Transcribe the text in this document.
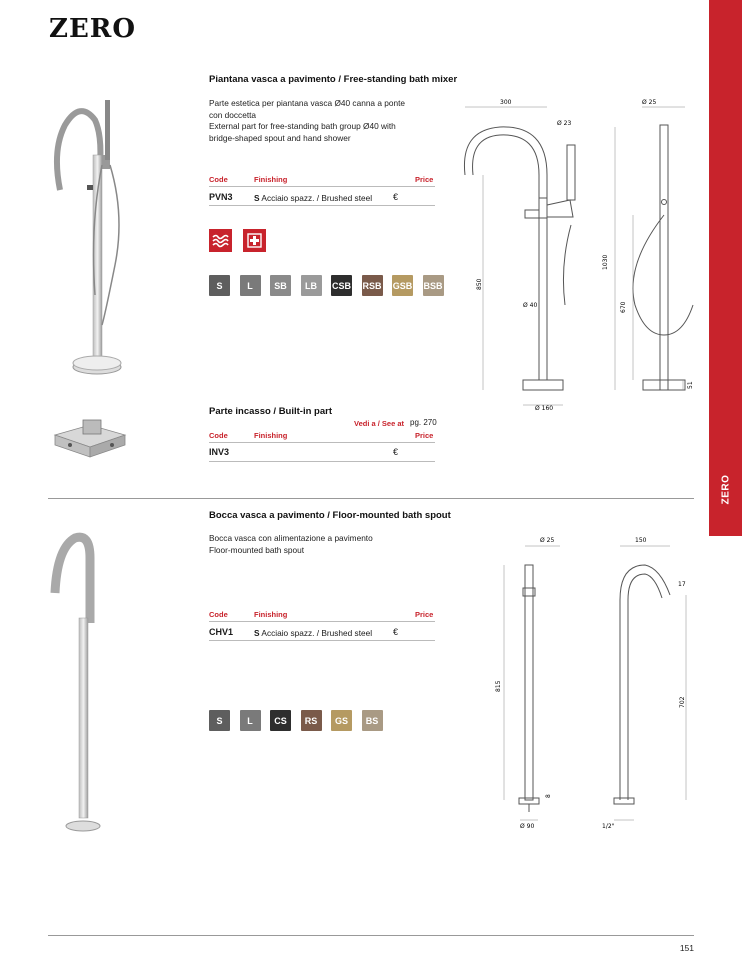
ZERO
ZERO
Piantana vasca a pavimento / Free-standing bath mixer
Parte estetica per piantana vasca Ø40 canna a ponte
con doccetta
External part for free-standing bath group Ø40 with
bridge-shaped spout and hand shower
Code	Finishing	Price
PVN3	S Acciaio spazz. / Brushed steel €
S	L	SB	LB	CSB RSB GSB BSB
Parte incasso / Built-in part
Vedi a / See at pg. 270
Code	Finishing	Price
INV3	€
Bocca vasca a pavimento / Floor-mounted bath spout
Bocca vasca con alimentazione a pavimento
Floor-mounted bath spout
Code	Finishing	Price
CHV1	S Acciaio spazz. / Brushed steel €
S	L	CS	RS	GS	BS
151
300	Ø 25
Ø 23
Ø 40
Ø 160
850
1030
670
51
Ø 25	150
17
815
702
8
Ø 90	1/2"
